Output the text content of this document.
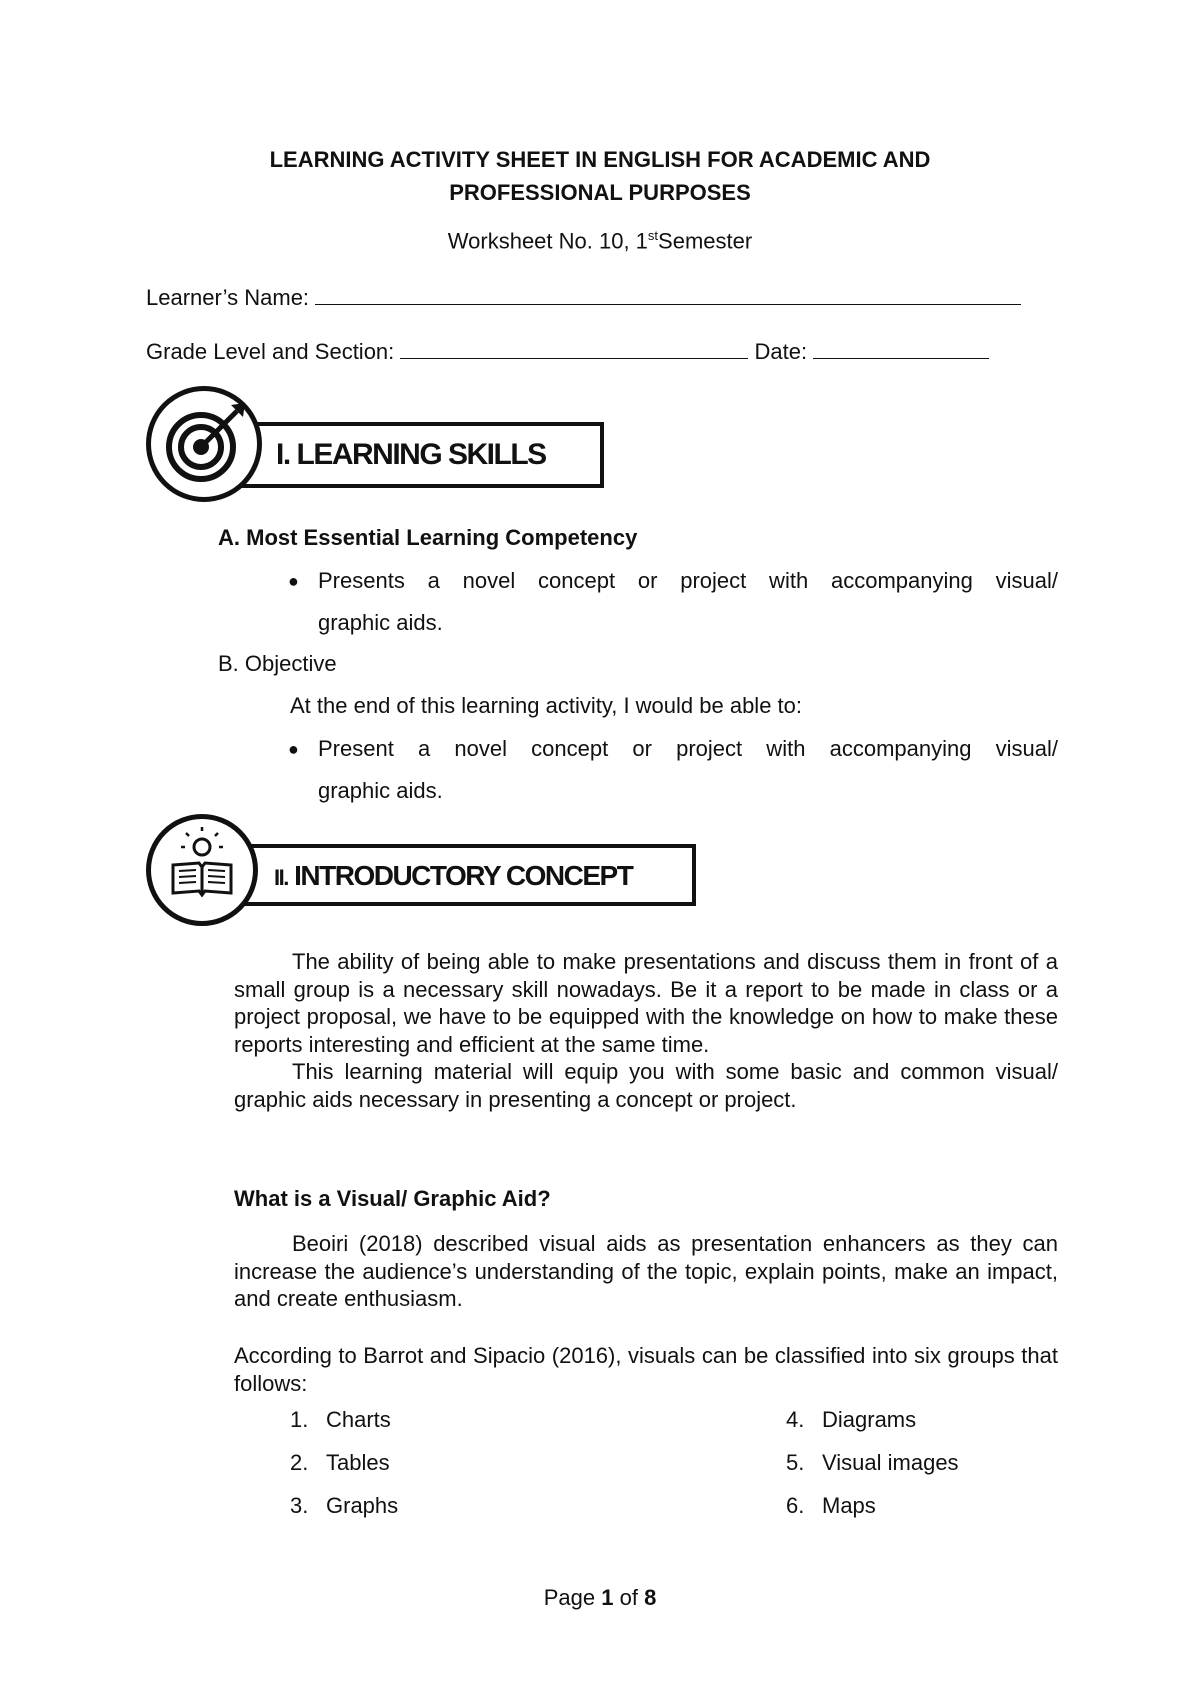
LEARNING ACTIVITY SHEET IN ENGLISH FOR ACADEMIC AND
PROFESSIONAL PURPOSES
Worksheet No. 10, 1stSemester
Learner’s Name:
Grade Level and Section:	Date:
I. LEARNING SKILLS
A. Most Essential Learning Competency
● Presents a novel concept or project with accompanying visual/
graphic aids.
B. Objective
At the end of this learning activity, I would be able to:
● Present a novel concept or project with accompanying visual/
graphic aids.
II. INTRODUCTORY CONCEPT
The ability of being able to make presentations and discuss them in front of a small group is a necessary skill nowadays. Be it a report to be made in class or a project proposal, we have to be equipped with the knowledge on how to make these reports interesting and efficient at the same time.
This learning material will equip you with some basic and common visual/ graphic aids necessary in presenting a concept or project.
What is a Visual/ Graphic Aid?
Beoiri (2018) described visual aids as presentation enhancers as they can increase the audience’s understanding of the topic, explain points, make an impact, and create enthusiasm.
According to Barrot and Sipacio (2016), visuals can be classified into six groups that follows:
1. Charts
2. Tables
3. Graphs
4. Diagrams
5. Visual images
6. Maps
Page 1 of 8
